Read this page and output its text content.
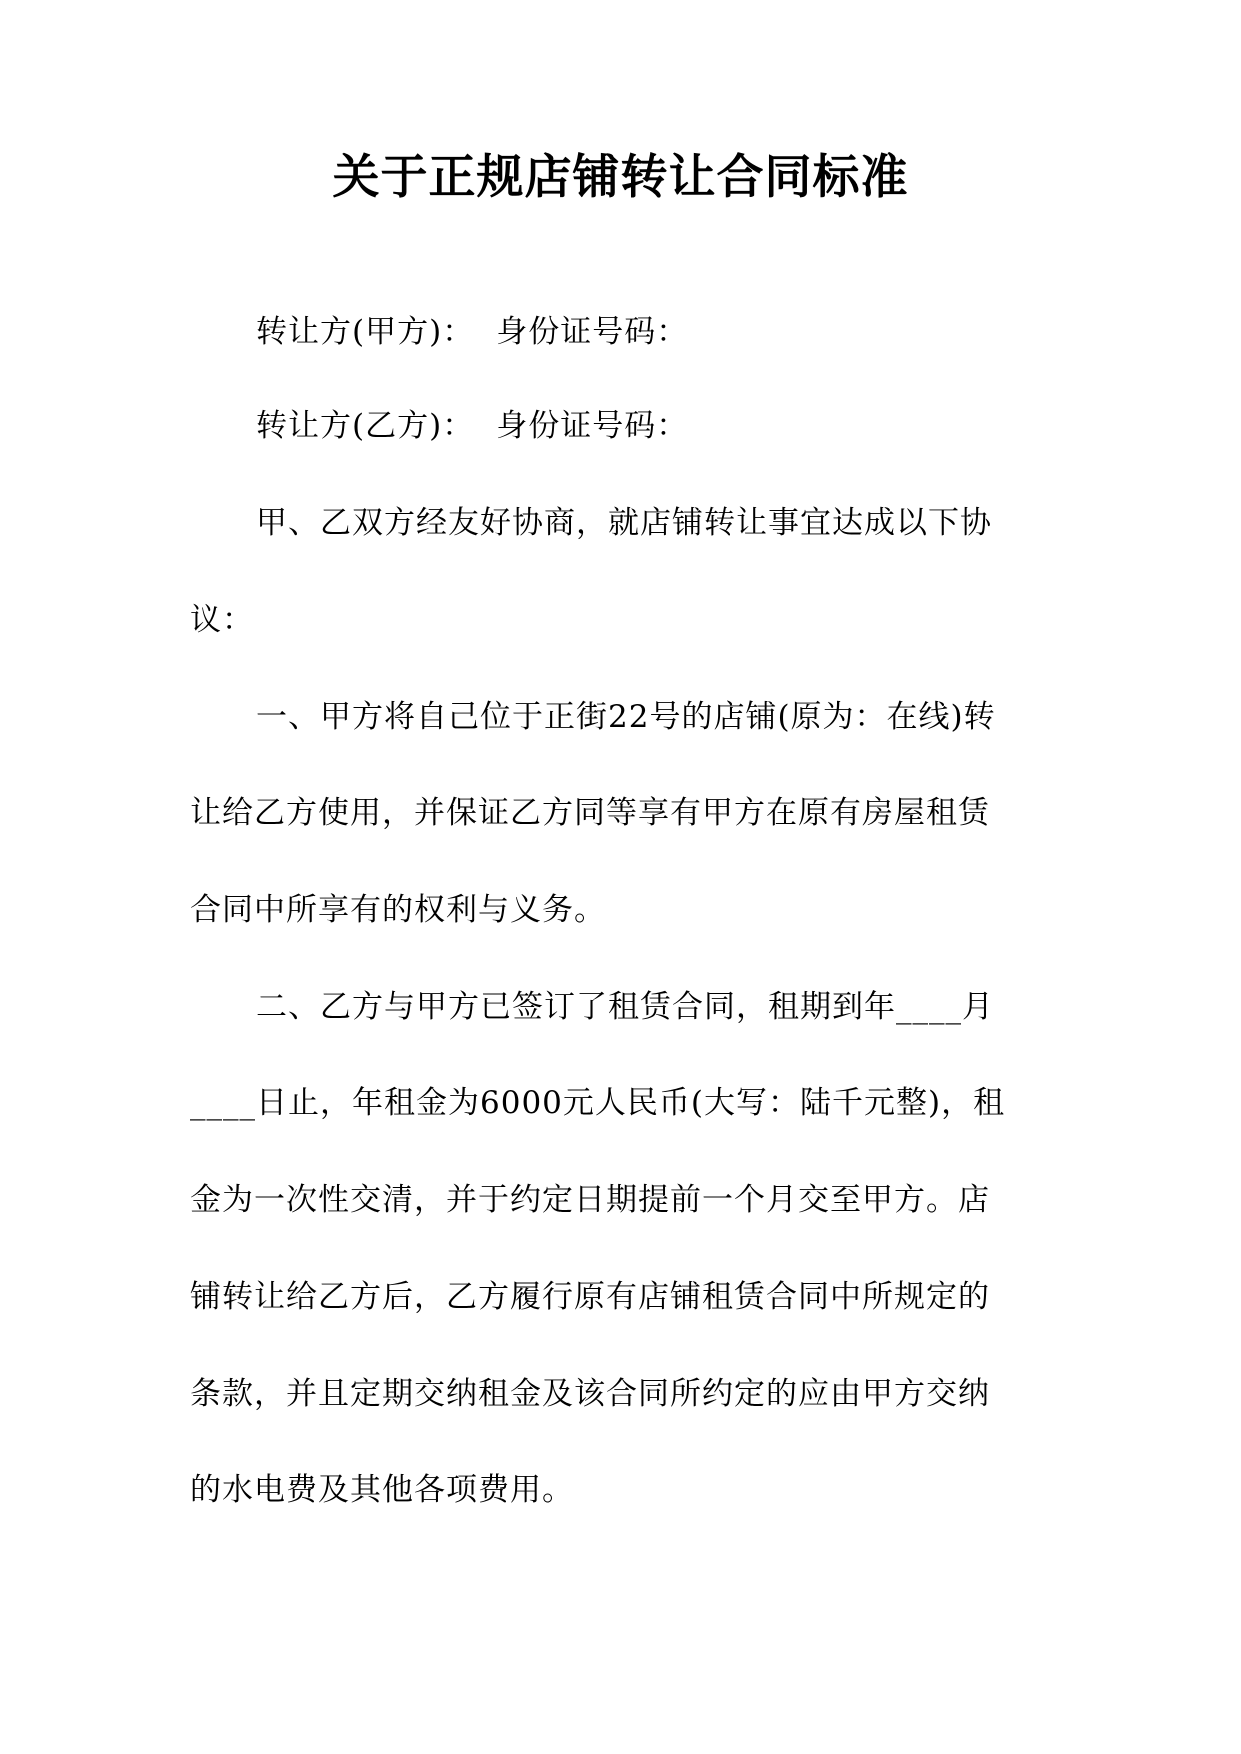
关于正规店铺转让合同标准
转让方(甲方)： 身份证号码：
转让方(乙方)： 身份证号码：
甲、乙双方经友好协商，就店铺转让事宜达成以下协
议：
一、甲方将自己位于正街22号的店铺(原为：在线)转
让给乙方使用，并保证乙方同等享有甲方在原有房屋租赁
合同中所享有的权利与义务。
二、乙方与甲方已签订了租赁合同，租期到年____月
____日止，年租金为6000元人民币(大写：陆千元整)，租
金为一次性交清，并于约定日期提前一个月交至甲方。店
铺转让给乙方后，乙方履行原有店铺租赁合同中所规定的
条款，并且定期交纳租金及该合同所约定的应由甲方交纳
的水电费及其他各项费用。
